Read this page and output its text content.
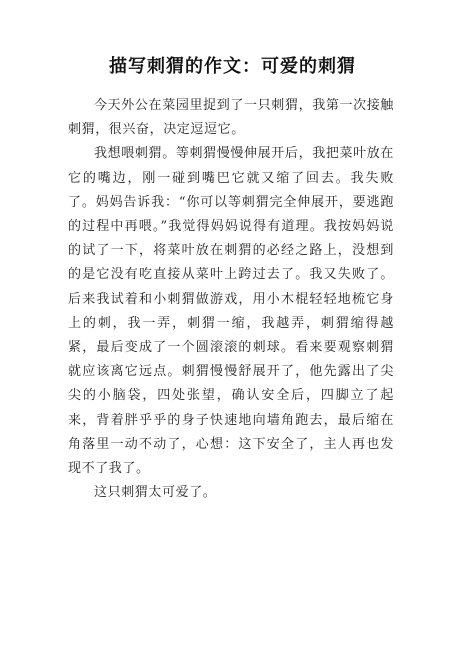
描写刺猬的作文：可爱的刺猬

今天外公在菜园里捉到了一只刺猬，我第一次接触刺猬，很兴奋，决定逗逗它。

我想喂刺猬。等刺猬慢慢伸展开后，我把菜叶放在它的嘴边，刚一碰到嘴巴它就又缩了回去。我失败了。妈妈告诉我：“你可以等刺猬完全伸展开，要逃跑的过程中再喂。”我觉得妈妈说得有道理。我按妈妈说的试了一下，将菜叶放在刺猬的必经之路上，没想到的是它没有吃直接从菜叶上跨过去了。我又失败了。后来我试着和小刺猬做游戏，用小木棍轻轻地梳它身上的刺，我一弄，刺猬一缩，我越弄，刺猬缩得越紧，最后变成了一个圆滚滚的刺球。看来要观察刺猬就应该离它远点。刺猬慢慢舒展开了，他先露出了尖尖的小脑袋，四处张望，确认安全后，四脚立了起来，背着胖乎乎的身子快速地向墙角跑去，最后缩在角落里一动不动了，心想：这下安全了，主人再也发现不了我了。

这只刺猬太可爱了。
